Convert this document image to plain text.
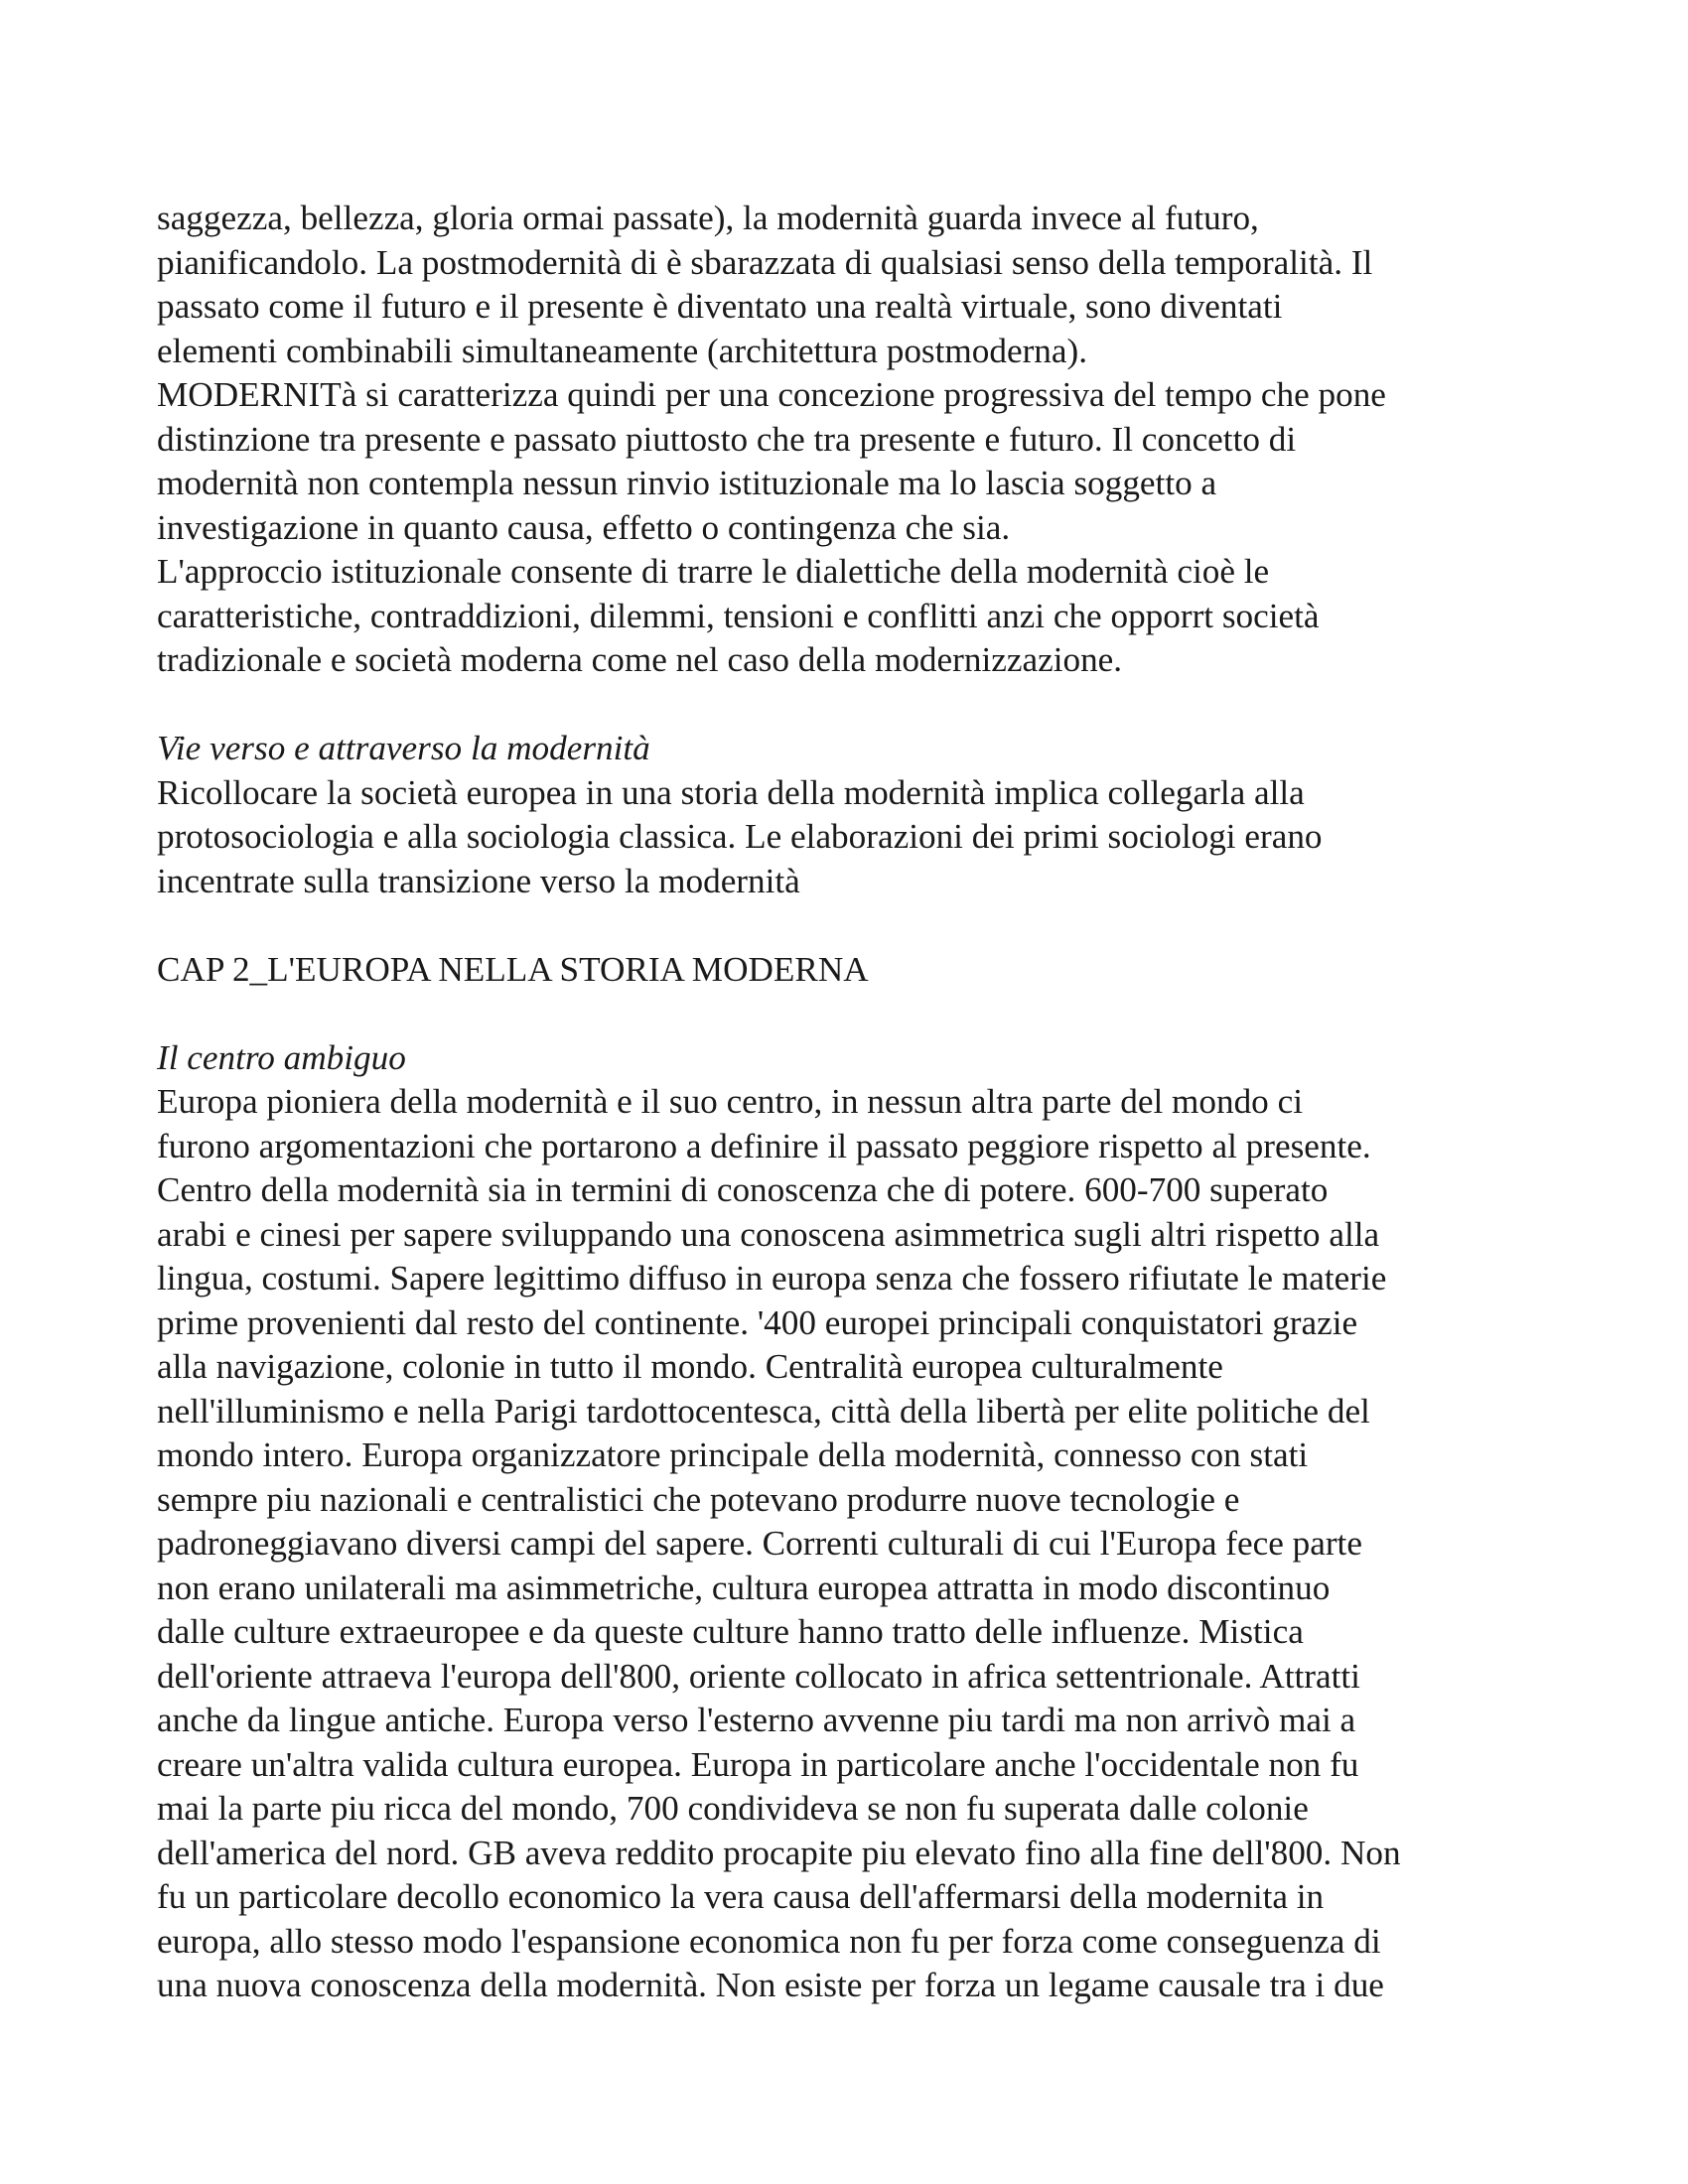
saggezza, bellezza, gloria ormai passate), la modernità guarda invece al futuro,
pianificandolo. La postmodernità di è sbarazzata di qualsiasi senso della temporalità. Il
passato come il futuro e il presente è diventato una realtà virtuale, sono diventati
elementi combinabili simultaneamente (architettura postmoderna).

MODERNITà si caratterizza quindi per una concezione progressiva del tempo che pone
distinzione tra presente e passato piuttosto che tra presente e futuro. Il concetto di
modernità non contempla nessun rinvio istituzionale ma lo lascia soggetto a
investigazione in quanto causa, effetto o contingenza che sia.

L'approccio istituzionale consente di trarre le dialettiche della modernità cioè le
caratteristiche, contraddizioni, dilemmi, tensioni e conflitti anzi che opporrt società
tradizionale e società moderna come nel caso della modernizzazione.

Vie verso e attraverso la modernità

Ricollocare la società europea in una storia della modernità implica collegarla alla
protosociologia e alla sociologia classica. Le elaborazioni dei primi sociologi erano
incentrate sulla transizione verso la modernità

CAP 2_L'EUROPA NELLA STORIA MODERNA
Il centro ambiguo

Europa pioniera della modernità e il suo centro, in nessun altra parte del mondo ci
furono argomentazioni che portarono a definire il passato peggiore rispetto al presente.
Centro della modernità sia in termini di conoscenza che di potere. 600-700 superato
arabi e cinesi per sapere sviluppando una conoscena asimmetrica sugli altri rispetto alla
lingua, costumi. Sapere legittimo diffuso in europa senza che fossero rifiutate le materie
prime provenienti dal resto del continente. '400 europei principali conquistatori grazie
alla navigazione, colonie in tutto il mondo. Centralità europea culturalmente
nell'illuminismo e nella Parigi tardottocentesca, città della libertà per elite politiche del
mondo intero. Europa organizzatore principale della modernità, connesso con stati
sempre piu nazionali e centralistici che potevano produrre nuove tecnologie e
padroneggiavano diversi campi del sapere. Correnti culturali di cui l'Europa fece parte
non erano unilaterali ma asimmetriche, cultura europea attratta in modo discontinuo
dalle culture extraeuropee e da queste culture hanno tratto delle influenze. Mistica
dell'oriente attraeva l'europa dell'800, oriente collocato in africa settentrionale. Attratti
anche da lingue antiche. Europa verso l'esterno avvenne piu tardi ma non arrivò mai a
creare un'altra valida cultura europea. Europa in particolare anche l'occidentale non fu
mai la parte piu ricca del mondo, 700 condivideva se non fu superata dalle colonie
dell'america del nord. GB aveva reddito procapite piu elevato fino alla fine dell'800. Non
fu un particolare decollo economico la vera causa dell'affermarsi della modernita in
europa, allo stesso modo l'espansione economica non fu per forza come conseguenza di
una nuova conoscenza della modernità. Non esiste per forza un legame causale tra i due
